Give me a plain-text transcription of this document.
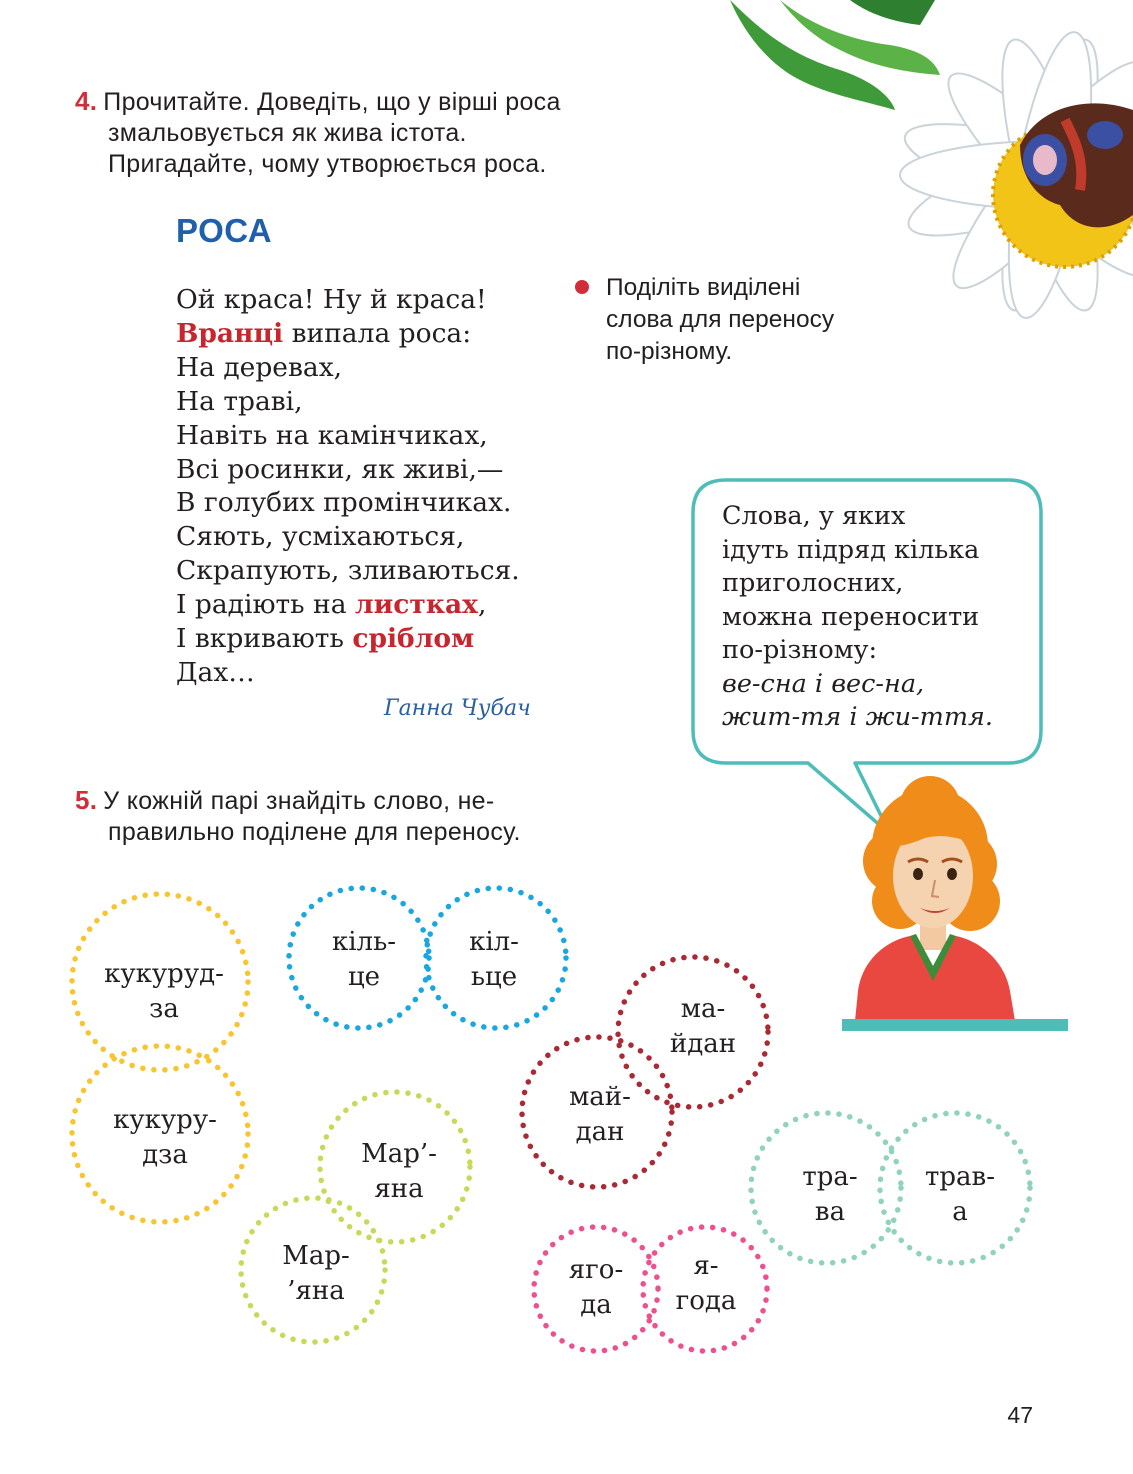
4. Прочитайте. Доведіть, що у вірші роса
змальовується як жива істота.
Пригадайте, чому утворюється роса.
РОСА
Ой краса! Ну й краса!
Вранці випала роса:
На деревах,
На траві,
Навіть на камінчиках,
Всі росинки, як живі,—
В голубих промінчиках.
Сяють, усміхаються,
Скрапують, зливаються.
І радіють на листках,
І вкривають сріблом
Дах…
Ганна Чубач
Поділіть виділені
слова для переносу
по-різному.
Слова, у яких
ідуть підряд кілька
приголосних,
можна переносити
по-різному:
ве-сна і вес-на,
жит-тя і жи-ття.
5. У кожній парі знайдіть слово, не-
правильно поділене для переносу.
кукуруд-
за
кукуру-
дза
кіль-
це
кіл-
ьце
ма-
йдан
май-
дан
Мар’-
яна
Мар-
’яна
тра-
ва
трав-
а
яго-
да
я-
года
47
